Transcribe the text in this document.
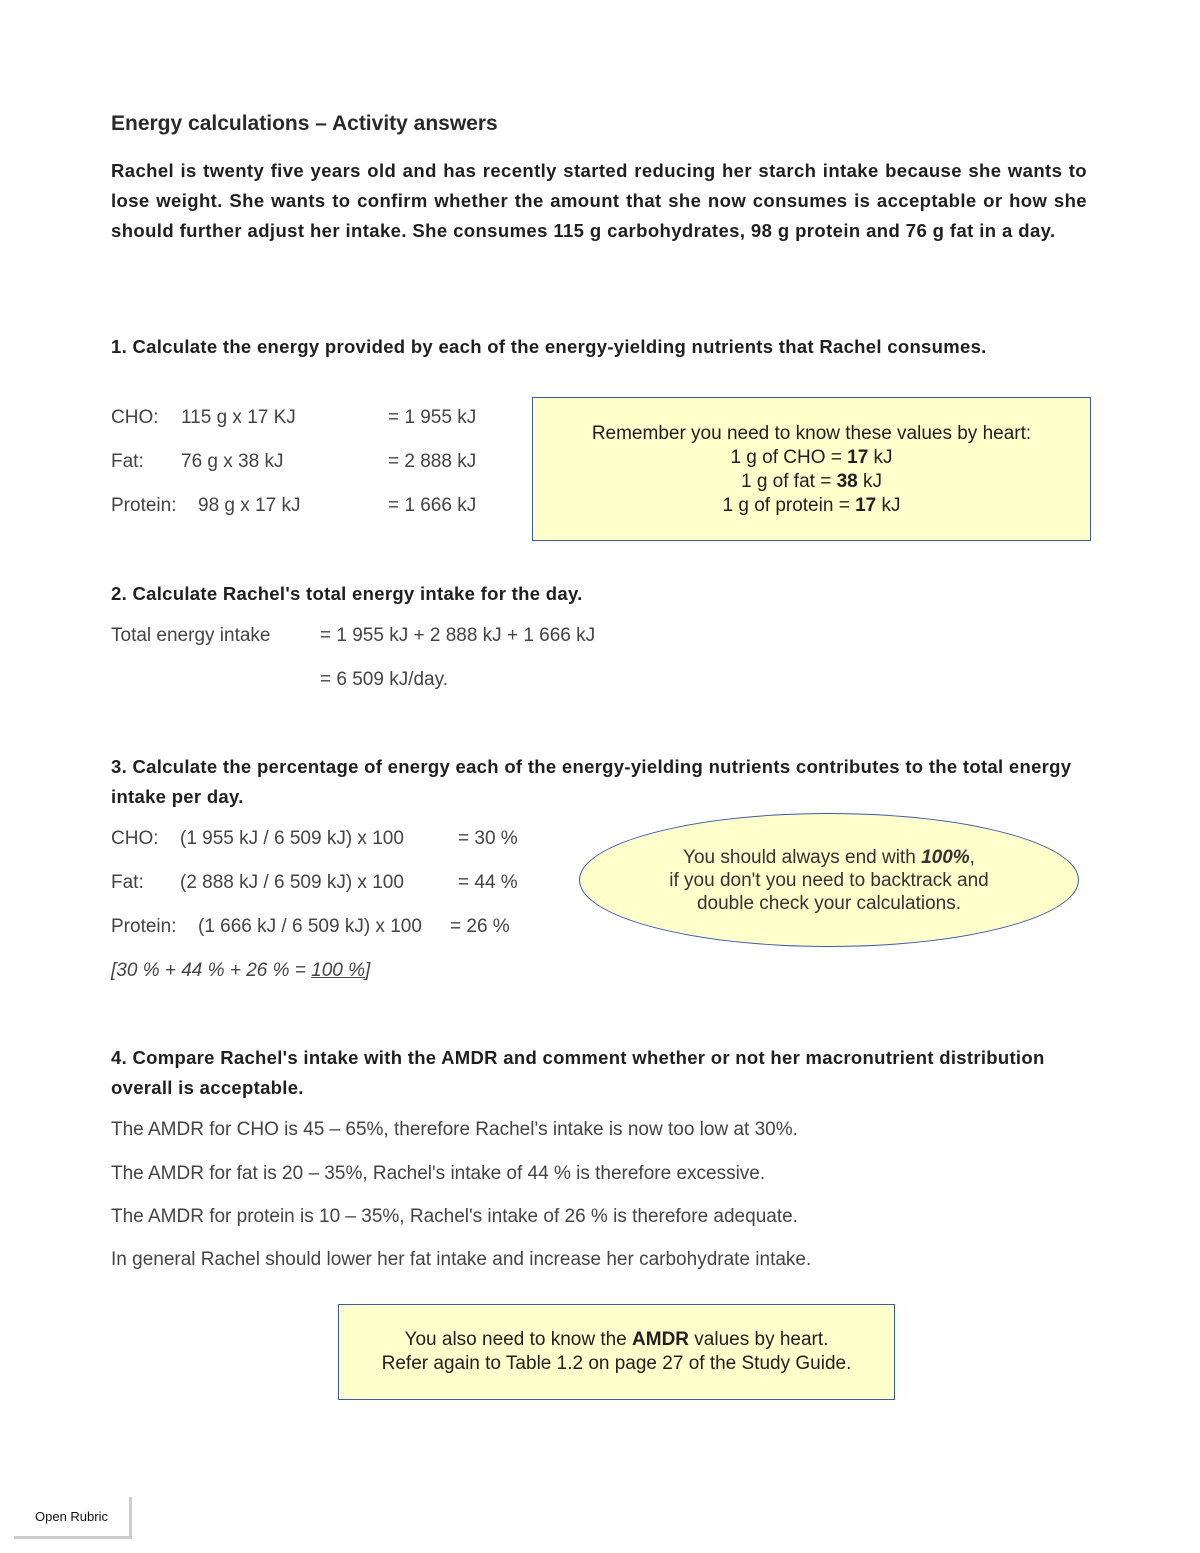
Energy calculations – Activity answers
Rachel is twenty five years old and has recently started reducing her starch intake because she wants to lose weight. She wants to confirm whether the amount that she now consumes is acceptable or how she should further adjust her intake. She consumes 115 g carbohydrates, 98 g protein and 76 g fat in a day.
1. Calculate the energy provided by each of the energy-yielding nutrients that Rachel consumes.
CHO: 115 g x 17 KJ	= 1 955 kJ
Fat: 76 g x 38 kJ	= 2 888 kJ
Protein: 98 g x 17 kJ	= 1 666 kJ
Remember you need to know these values by heart:
1 g of CHO = 17 kJ
1 g of fat = 38 kJ
1 g of protein = 17 kJ
2. Calculate Rachel's total energy intake for the day.
Total energy intake	= 1 955 kJ + 2 888 kJ + 1 666 kJ
= 6 509 kJ/day.
3. Calculate the percentage of energy each of the energy-yielding nutrients contributes to the total energy intake per day.
CHO: (1 955 kJ / 6 509 kJ) x 100	= 30 %
Fat: (2 888 kJ / 6 509 kJ) x 100	= 44 %
Protein: (1 666 kJ / 6 509 kJ) x 100 = 26 %
[30 % + 44 % + 26 % = 100 %]
You should always end with 100%,
if you don't you need to backtrack and
double check your calculations.
4. Compare Rachel's intake with the AMDR and comment whether or not her macronutrient distribution overall is acceptable.
The AMDR for CHO is 45 – 65%, therefore Rachel's intake is now too low at 30%.
The AMDR for fat is 20 – 35%, Rachel's intake of 44 % is therefore excessive.
The AMDR for protein is 10 – 35%, Rachel's intake of 26 % is therefore adequate.
In general Rachel should lower her fat intake and increase her carbohydrate intake.
You also need to know the AMDR values by heart.
Refer again to Table 1.2 on page 27 of the Study Guide.
Open Rubric
